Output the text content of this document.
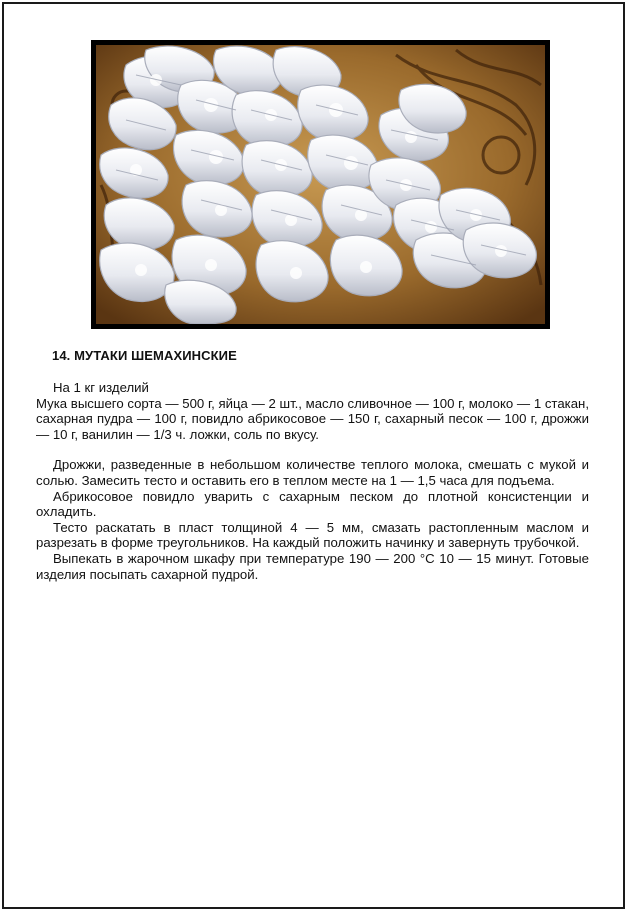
14. МУТАКИ ШЕМАХИНСКИЕ

На 1 кг изделий

Мука высшего сорта — 500 г, яйца — 2 шт., масло сливочное — 100 г, молоко — 1 стакан, сахарная пудра — 100 г, повидло абрикосовое — 150 г, сахарный песок — 100 г, дрожжи — 10 г, ванилин — 1/3 ч. ложки, соль по вкусу.

Дрожжи, разведенные в небольшом количестве теплого молока, смешать с мукой и солью. Замесить тесто и оставить его в теплом месте на 1 — 1,5 часа для подъема.

Абрикосовое повидло уварить с сахарным песком до плотной консистенции и охладить.

Тесто раскатать в пласт толщиной 4 — 5 мм, смазать растопленным маслом и разрезать в форме треугольников. На каждый положить начинку и завернуть трубочкой.

Выпекать в жарочном шкафу при температуре 190 — 200 °С 10 — 15 минут. Готовые изделия посыпать сахарной пудрой.
